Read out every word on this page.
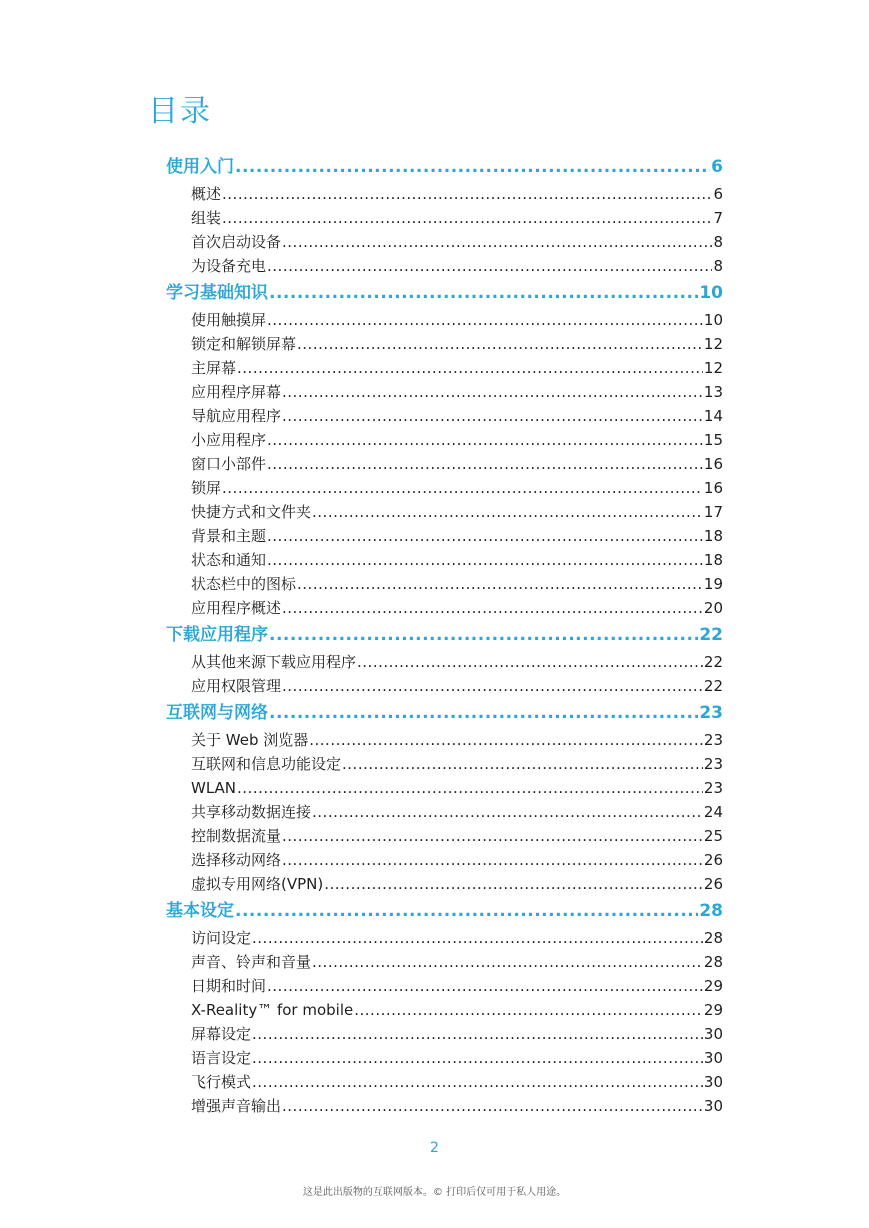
目录
使用入门 .....	6
概述 .....	6
组装 .....	7
首次启动设备 .....	8
为设备充电 .....	8
学习基础知识 .....	10
使用触摸屏 .....	10
锁定和解锁屏幕 .....	12
主屏幕 .....	12
应用程序屏幕 .....	13
导航应用程序 .....	14
小应用程序 .....	15
窗口小部件 .....	16
锁屏 .....	16
快捷方式和文件夹 .....	17
背景和主题 .....	18
状态和通知 .....	18
状态栏中的图标 .....	19
应用程序概述 .....	20
下载应用程序 .....	22
从其他来源下载应用程序 .....	22
应用权限管理 .....	22
互联网与网络 .....	23
关于 Web 浏览器 .....	23
互联网和信息功能设定 .....	23
WLAN .....	23
共享移动数据连接 .....	24
控制数据流量 .....	25
选择移动网络 .....	26
虚拟专用网络(VPN) .....	26
基本设定 .....	28
访问设定 .....	28
声音、铃声和音量 .....	28
日期和时间 .....	29
X-Reality™ for mobile .....	29
屏幕设定 .....	30
语言设定 .....	30
飞行模式 .....	30
增强声音输出 .....	30
2
这是此出版物的互联网版本。© 打印后仅可用于私人用途。
